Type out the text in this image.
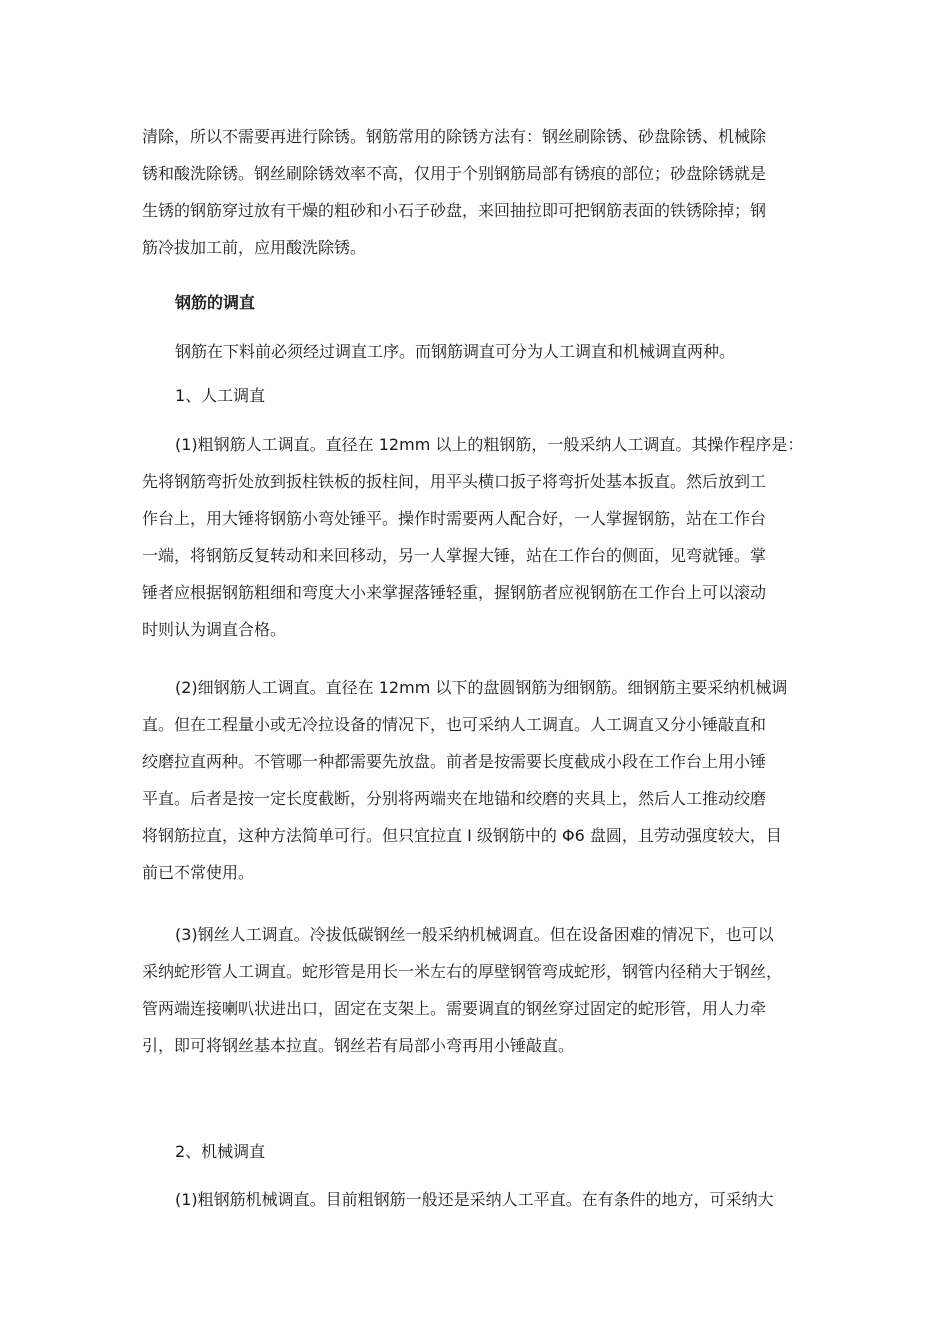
清除，所以不需要再进行除锈。钢筋常用的除锈方法有：钢丝刷除锈、砂盘除锈、机械除
锈和酸洗除锈。钢丝刷除锈效率不高，仅用于个别钢筋局部有锈痕的部位；砂盘除锈就是
生锈的钢筋穿过放有干燥的粗砂和小石子砂盘，来回抽拉即可把钢筋表面的铁锈除掉；钢
筋冷拔加工前，应用酸洗除锈。
钢筋的调直
钢筋在下料前必须经过调直工序。而钢筋调直可分为人工调直和机械调直两种。
1、人工调直
(1)粗钢筋人工调直。直径在 12mm 以上的粗钢筋，一般采纳人工调直。其操作程序是：
先将钢筋弯折处放到扳柱铁板的扳柱间，用平头横口扳子将弯折处基本扳直。然后放到工
作台上，用大锤将钢筋小弯处锤平。操作时需要两人配合好，一人掌握钢筋，站在工作台
一端，将钢筋反复转动和来回移动，另一人掌握大锤，站在工作台的侧面，见弯就锤。掌
锤者应根据钢筋粗细和弯度大小来掌握落锤轻重，握钢筋者应视钢筋在工作台上可以滚动
时则认为调直合格。
(2)细钢筋人工调直。直径在 12mm 以下的盘圆钢筋为细钢筋。细钢筋主要采纳机械调
直。但在工程量小或无冷拉设备的情况下，也可采纳人工调直。人工调直又分小锤敲直和
绞磨拉直两种。不管哪一种都需要先放盘。前者是按需要长度截成小段在工作台上用小锤
平直。后者是按一定长度截断，分别将两端夹在地锚和绞磨的夹具上，然后人工推动绞磨
将钢筋拉直，这种方法简单可行。但只宜拉直 I 级钢筋中的 Φ6 盘圆，且劳动强度较大，目
前已不常使用。
(3)钢丝人工调直。冷拔低碳钢丝一般采纳机械调直。但在设备困难的情况下，也可以
采纳蛇形管人工调直。蛇形管是用长一米左右的厚壁钢管弯成蛇形，钢管内径稍大于钢丝，
管两端连接喇叭状进出口，固定在支架上。需要调直的钢丝穿过固定的蛇形管，用人力牵
引，即可将钢丝基本拉直。钢丝若有局部小弯再用小锤敲直。
2、机械调直
(1)粗钢筋机械调直。目前粗钢筋一般还是采纳人工平直。在有条件的地方，可采纳大
